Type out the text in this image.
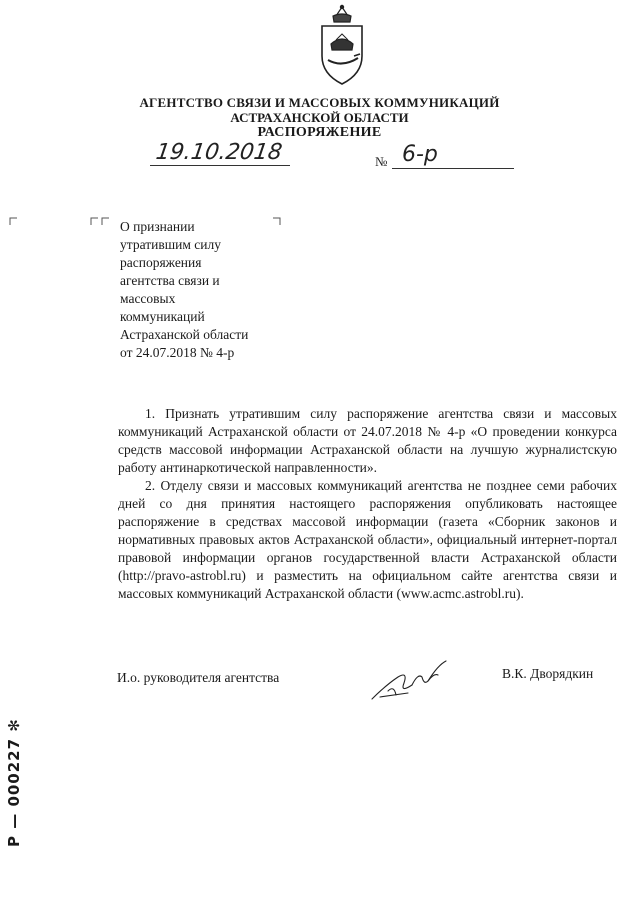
АГЕНТСТВО СВЯЗИ И МАССОВЫХ КОММУНИКАЦИЙ
АСТРАХАНСКОЙ ОБЛАСТИ
РАСПОРЯЖЕНИЕ
19.10.2018	№ 6-р
О признании
утратившим силу
распоряжения
агентства связи и
массовых
коммуникаций
Астраханской области
от 24.07.2018 № 4-р

1. Признать утратившим силу распоряжение агентства связи и массовых коммуникаций Астраханской области от 24.07.2018 № 4-р «О проведении конкурса средств массовой информации Астраханской области на лучшую журналистскую работу антинаркотической направленности».

2. Отделу связи и массовых коммуникаций агентства не позднее семи рабочих дней со дня принятия настоящего распоряжения опубликовать настоящее распоряжение в средствах массовой информации (газета «Сборник законов и нормативных правовых актов Астраханской области», официальный интернет-портал правовой информации органов государственной власти Астраханской области (http://pravo-astrobl.ru) и разместить на официальном сайте агентства связи и массовых коммуникаций Астраханской области (www.acmc.astrobl.ru).

И.о. руководителя агентства	В.К. Дворядкин
Р — 000227 ✻
